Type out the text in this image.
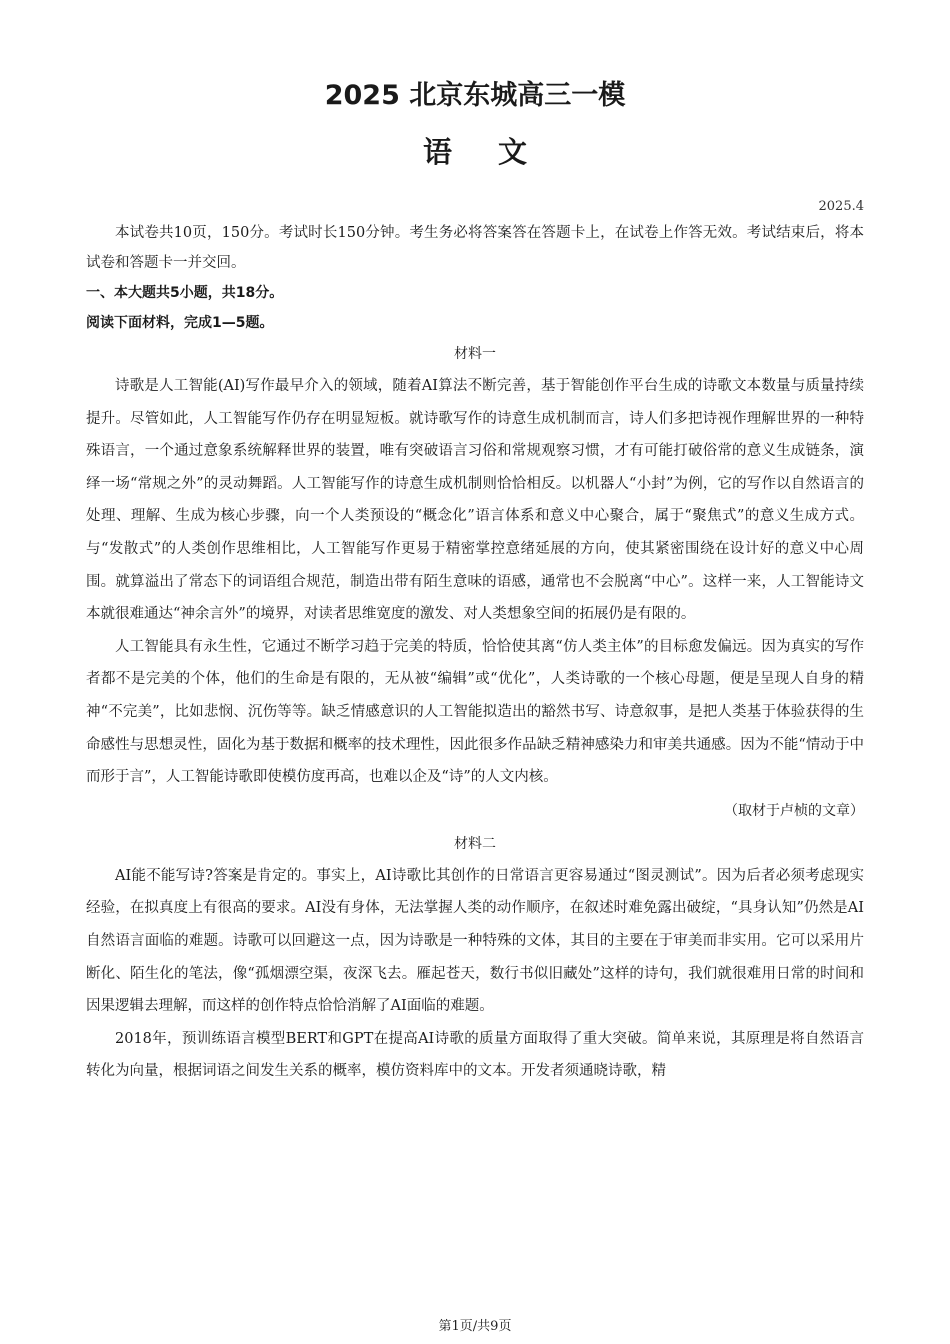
2025 北京东城高三一模
语文
2025.4

本试卷共10页，150分。考试时长150分钟。考生务必将答案答在答题卡上，在试卷上作答无效。考试结束后，将本试卷和答题卡一并交回。

一、本大题共5小题，共18分。

阅读下面材料，完成1—5题。

材料一

诗歌是人工智能(AI)写作最早介入的领域，随着AI算法不断完善，基于智能创作平台生成的诗歌文本数量与质量持续提升。尽管如此，人工智能写作仍存在明显短板。就诗歌写作的诗意生成机制而言，诗人们多把诗视作理解世界的一种特殊语言，一个通过意象系统解释世界的装置，唯有突破语言习俗和常规观察习惯，才有可能打破俗常的意义生成链条，演绎一场“常规之外”的灵动舞蹈。人工智能写作的诗意生成机制则恰恰相反。以机器人“小封”为例，它的写作以自然语言的处理、理解、生成为核心步骤，向一个人类预设的“概念化”语言体系和意义中心聚合，属于“聚焦式”的意义生成方式。与“发散式”的人类创作思维相比，人工智能写作更易于精密掌控意绪延展的方向，使其紧密围绕在设计好的意义中心周围。就算溢出了常态下的词语组合规范，制造出带有陌生意味的语感，通常也不会脱离“中心”。这样一来，人工智能诗文本就很难通达“神余言外”的境界，对读者思维宽度的激发、对人类想象空间的拓展仍是有限的。

人工智能具有永生性，它通过不断学习趋于完美的特质，恰恰使其离“仿人类主体”的目标愈发偏远。因为真实的写作者都不是完美的个体，他们的生命是有限的，无从被“编辑”或“优化”，人类诗歌的一个核心母题，便是呈现人自身的精神“不完美”，比如悲悯、沉伤等等。缺乏情感意识的人工智能拟造出的豁然书写、诗意叙事，是把人类基于体验获得的生命感性与思想灵性，固化为基于数据和概率的技术理性，因此很多作品缺乏精神感染力和审美共通感。因为不能“情动于中而形于言”，人工智能诗歌即使模仿度再高，也难以企及“诗”的人文内核。

（取材于卢桢的文章）
材料二

AI能不能写诗?答案是肯定的。事实上，AI诗歌比其创作的日常语言更容易通过“图灵测试”。因为后者必须考虑现实经验，在拟真度上有很高的要求。AI没有身体，无法掌握人类的动作顺序，在叙述时难免露出破绽，“具身认知”仍然是AI自然语言面临的难题。诗歌可以回避这一点，因为诗歌是一种特殊的文体，其目的主要在于审美而非实用。它可以采用片断化、陌生化的笔法，像“孤烟漂空渠，夜深飞去。雁起苍天，数行书似旧藏处”这样的诗句，我们就很难用日常的时间和因果逻辑去理解，而这样的创作特点恰恰消解了AI面临的难题。

2018年，预训练语言模型BERT和GPT在提高AI诗歌的质量方面取得了重大突破。简单来说，其原理是将自然语言转化为向量，根据词语之间发生关系的概率，模仿资料库中的文本。开发者须通晓诗歌，精

第1页/共9页
